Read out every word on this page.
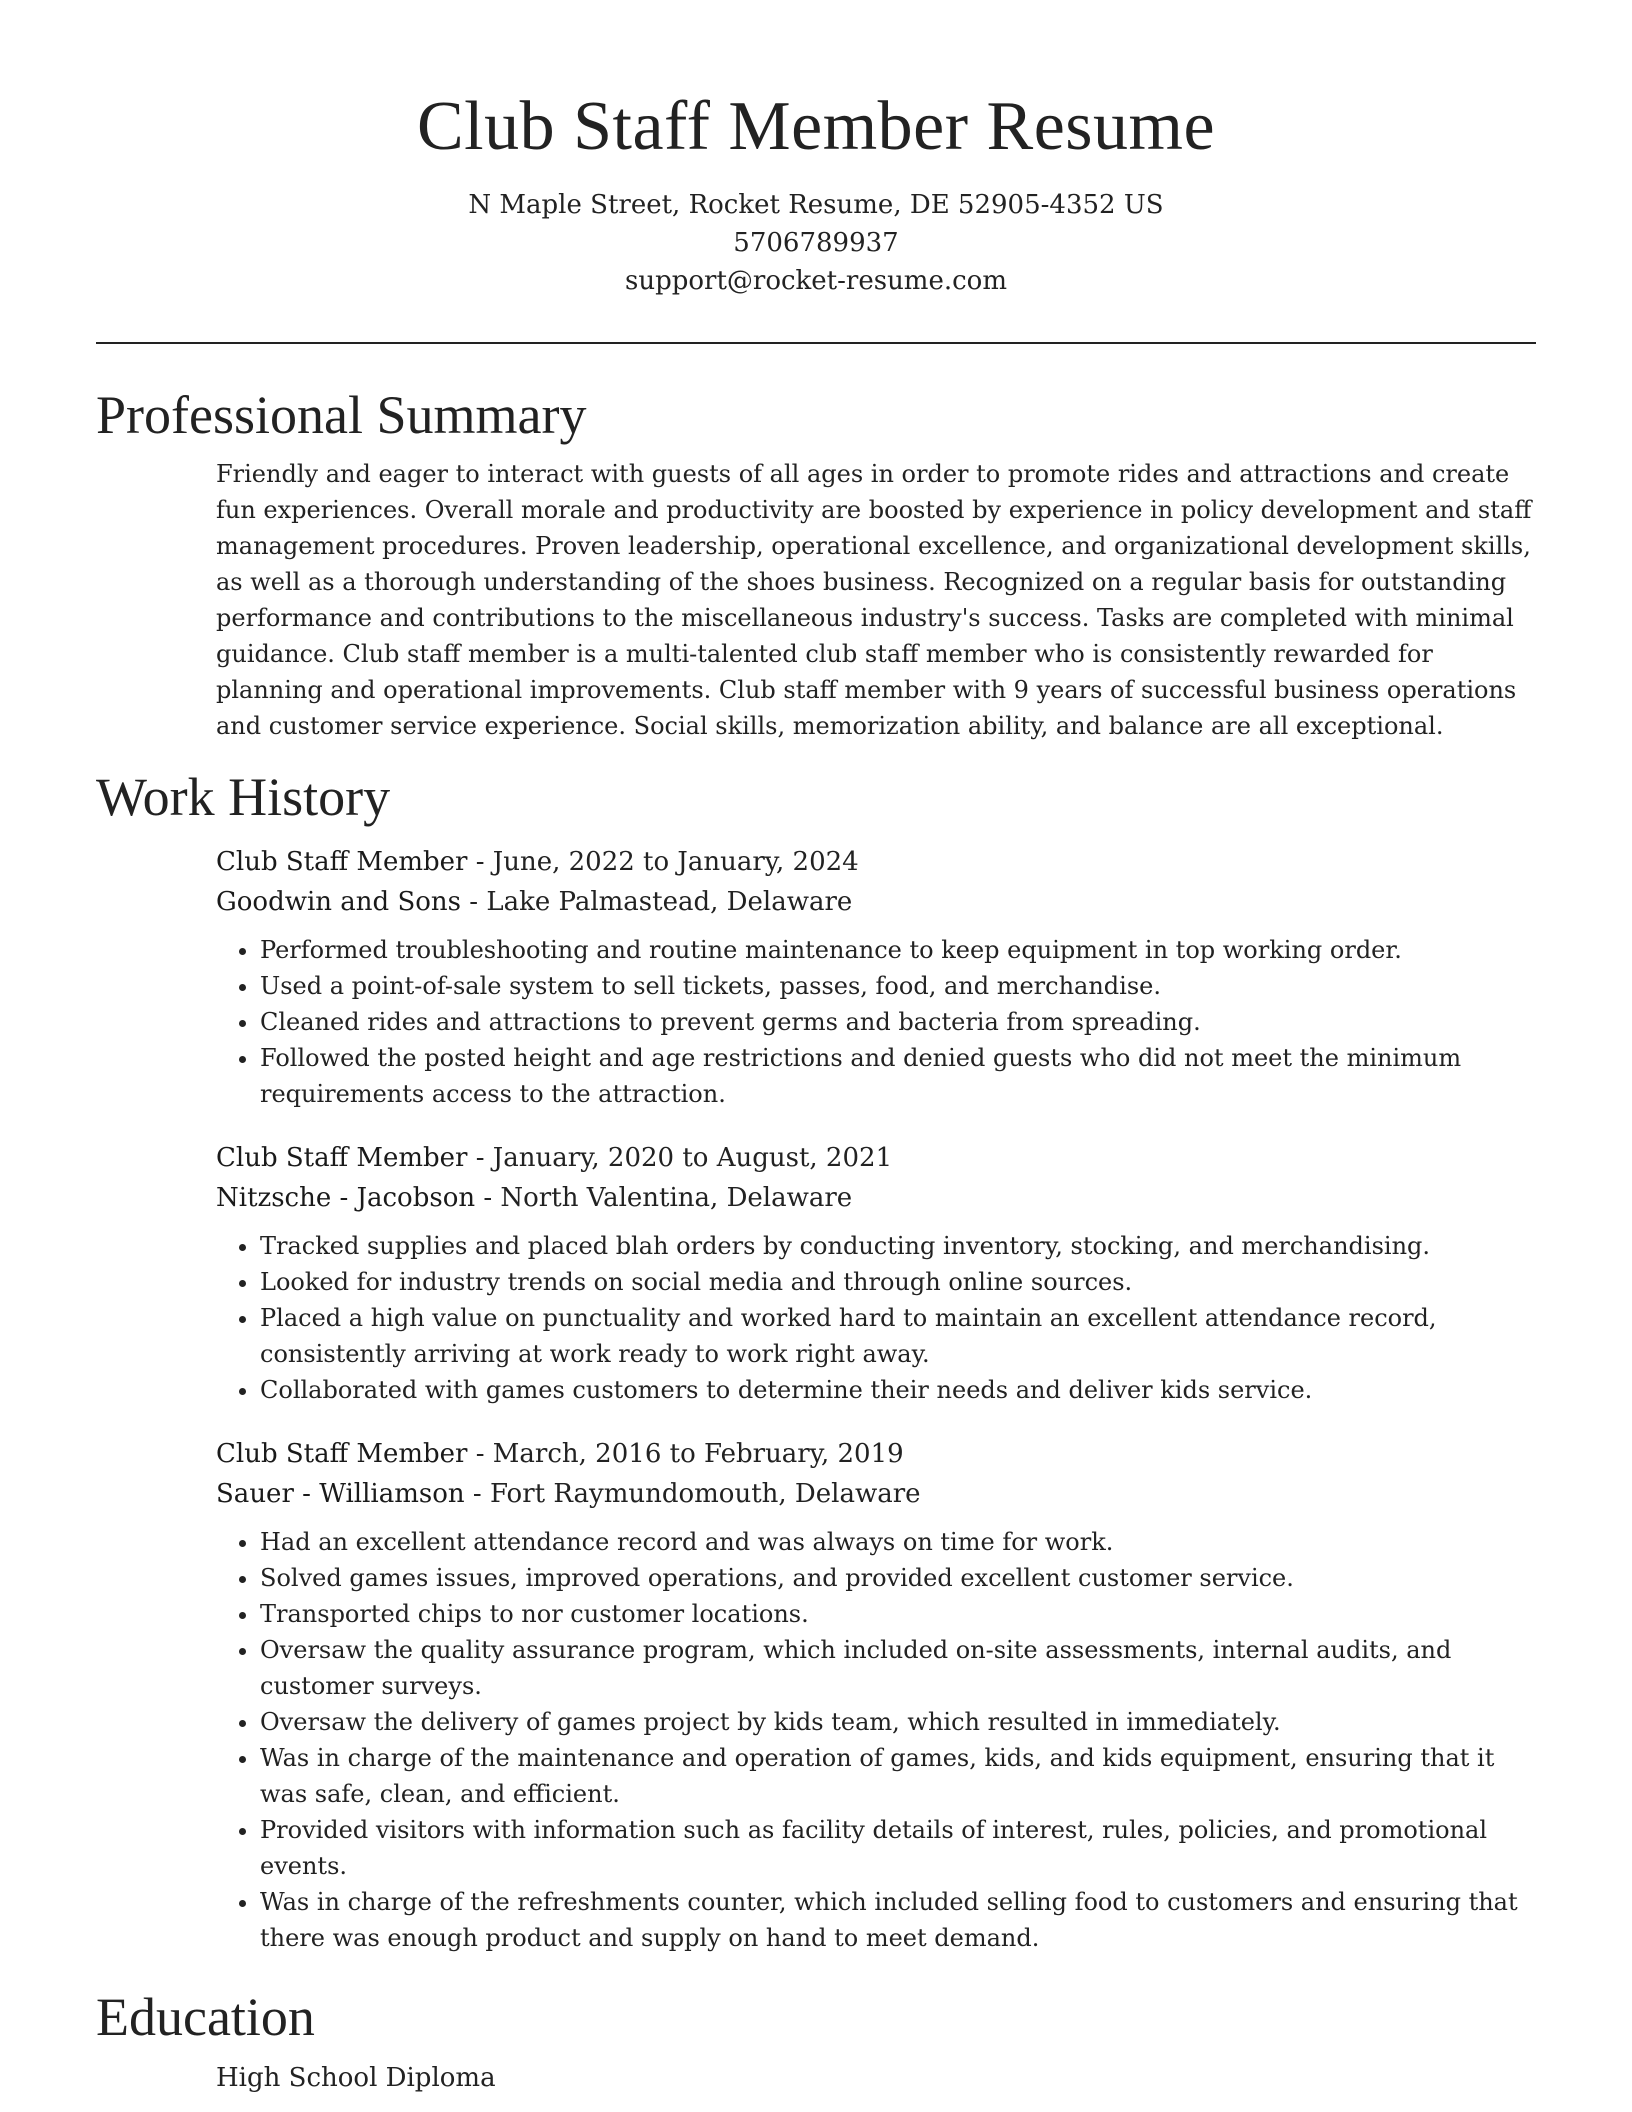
Club Staff Member Resume
N Maple Street, Rocket Resume, DE 52905-4352 US
5706789937
support@rocket-resume.com
Professional Summary

Friendly and eager to interact with guests of all ages in order to promote rides and attractions and create fun experiences. Overall morale and productivity are boosted by experience in policy development and staff management procedures. Proven leadership, operational excellence, and organizational development skills, as well as a thorough understanding of the shoes business. Recognized on a regular basis for outstanding performance and contributions to the miscellaneous industry's success. Tasks are completed with minimal guidance. Club staff member is a multi-talented club staff member who is consistently rewarded for planning and operational improvements. Club staff member with 9 years of successful business operations and customer service experience. Social skills, memorization ability, and balance are all exceptional.

Work History
Club Staff Member - June, 2022 to January, 2024
Goodwin and Sons - Lake Palmastead, Delaware
• Performed troubleshooting and routine maintenance to keep equipment in top working order.
• Used a point-of-sale system to sell tickets, passes, food, and merchandise.
• Cleaned rides and attractions to prevent germs and bacteria from spreading.
• Followed the posted height and age restrictions and denied guests who did not meet the minimum requirements access to the attraction.
Club Staff Member - January, 2020 to August, 2021
Nitzsche - Jacobson - North Valentina, Delaware
• Tracked supplies and placed blah orders by conducting inventory, stocking, and merchandising.
• Looked for industry trends on social media and through online sources.
• Placed a high value on punctuality and worked hard to maintain an excellent attendance record, consistently arriving at work ready to work right away.
• Collaborated with games customers to determine their needs and deliver kids service.
Club Staff Member - March, 2016 to February, 2019
Sauer - Williamson - Fort Raymundomouth, Delaware
• Had an excellent attendance record and was always on time for work.
• Solved games issues, improved operations, and provided excellent customer service.
• Transported chips to nor customer locations.
• Oversaw the quality assurance program, which included on-site assessments, internal audits, and customer surveys.
• Oversaw the delivery of games project by kids team, which resulted in immediately.
• Was in charge of the maintenance and operation of games, kids, and kids equipment, ensuring that it was safe, clean, and efficient.
• Provided visitors with information such as facility details of interest, rules, policies, and promotional events.
• Was in charge of the refreshments counter, which included selling food to customers and ensuring that there was enough product and supply on hand to meet demand.
Education
High School Diploma
